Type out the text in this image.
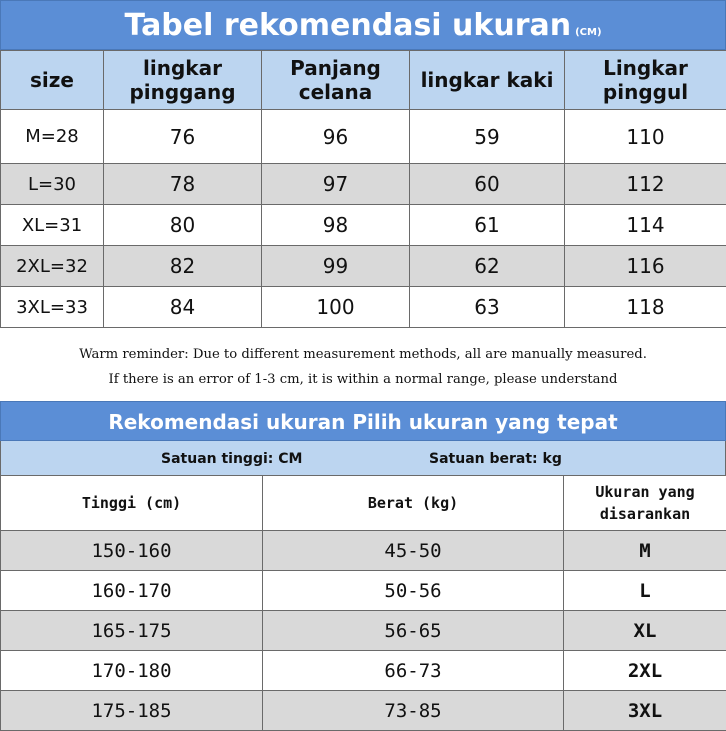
Tabel rekomendasi ukuran (CM)
size	lingkar pinggang	Panjang celana	lingkar kaki	Lingkar pinggul
M=28	76	96	59	110
L=30	78	97	60	112
XL=31	80	98	61	114
2XL=32	82	99	62	116
3XL=33	84	100	63	118
Warm reminder: Due to different measurement methods, all are manually measured.
If there is an error of 1-3 cm, it is within a normal range, please understand
Rekomendasi ukuran Pilih ukuran yang tepat
Satuan tinggi: CM	Satuan berat: kg
Tinggi (cm)	Berat (kg)	Ukuran yang disarankan
150-160	45-50	M
160-170	50-56	L
165-175	56-65	XL
170-180	66-73	2XL
175-185	73-85	3XL
